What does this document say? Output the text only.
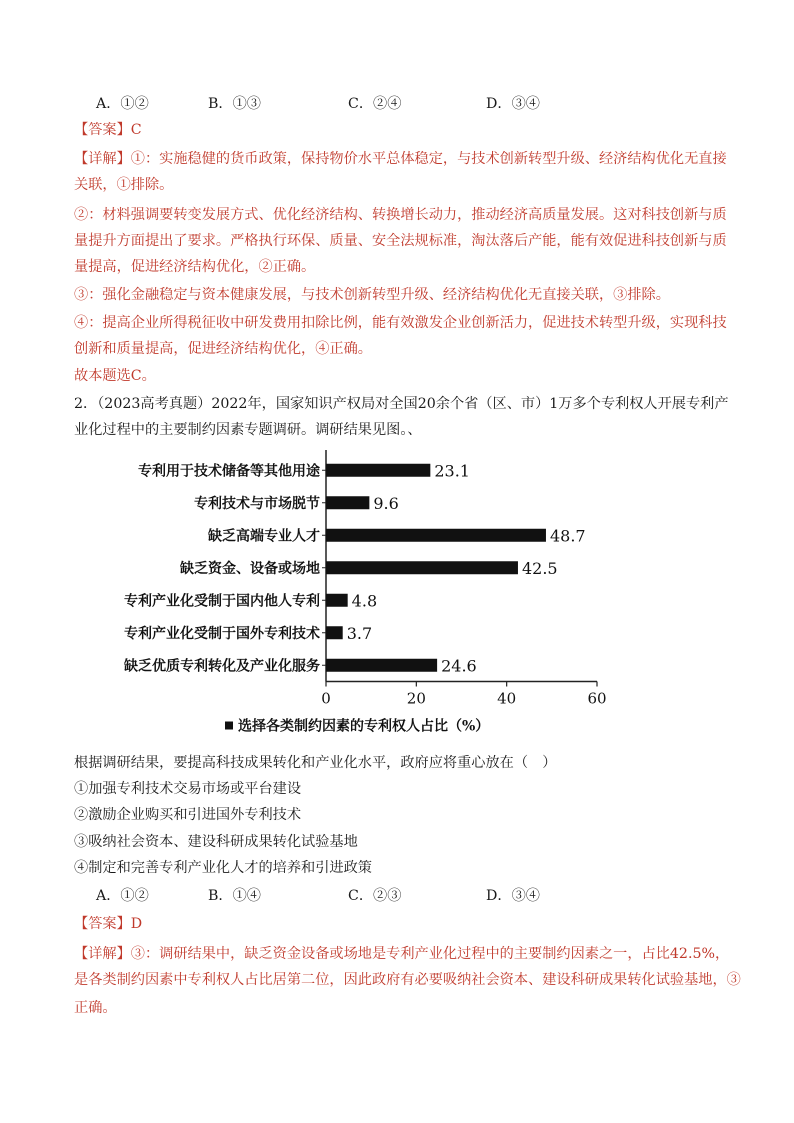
A．①②	B．①③	C．②④	D．③④
【答案】C
【详解】①：实施稳健的货币政策，保持物价水平总体稳定，与技术创新转型升级、经济结构优化无直接
关联，①排除。
②：材料强调要转变发展方式、优化经济结构、转换增长动力，推动经济高质量发展。这对科技创新与质
量提升方面提出了要求。严格执行环保、质量、安全法规标准，淘汰落后产能，能有效促进科技创新与质
量提高，促进经济结构优化，②正确。
③：强化金融稳定与资本健康发展，与技术创新转型升级、经济结构优化无直接关联，③排除。
④：提高企业所得税征收中研发费用扣除比例，能有效激发企业创新活力，促进技术转型升级，实现科技
创新和质量提高，促进经济结构优化，④正确。
故本题选C。
2．（2023高考真题）2022年，国家知识产权局对全国20余个省（区、市）1万多个专利权人开展专利产
业化过程中的主要制约因素专题调研。调研结果见图。、
专利用于技术储备等其他用途	23.1
专利技术与市场脱节	9.6
缺乏高端专业人才	48.7
缺乏资金、设备或场地	42.5
专利产业化受制于国内他人专利 4.8
专利产业化受制于国外专利技术 3.7
缺乏优质专利转化及产业化服务	24.6
0	20	40	60
选择各类制约因素的专利权人占比（%）
根据调研结果，要提高科技成果转化和产业化水平，政府应将重心放在（　）
①加强专利技术交易市场或平台建设
②激励企业购买和引进国外专利技术
③吸纳社会资本、建设科研成果转化试验基地
④制定和完善专利产业化人才的培养和引进政策
A．①②	B．①④	C．②③	D．③④
【答案】D
【详解】③：调研结果中，缺乏资金设备或场地是专利产业化过程中的主要制约因素之一，占比42.5%，
是各类制约因素中专利权人占比居第二位，因此政府有必要吸纳社会资本、建设科研成果转化试验基地，③
正确。
